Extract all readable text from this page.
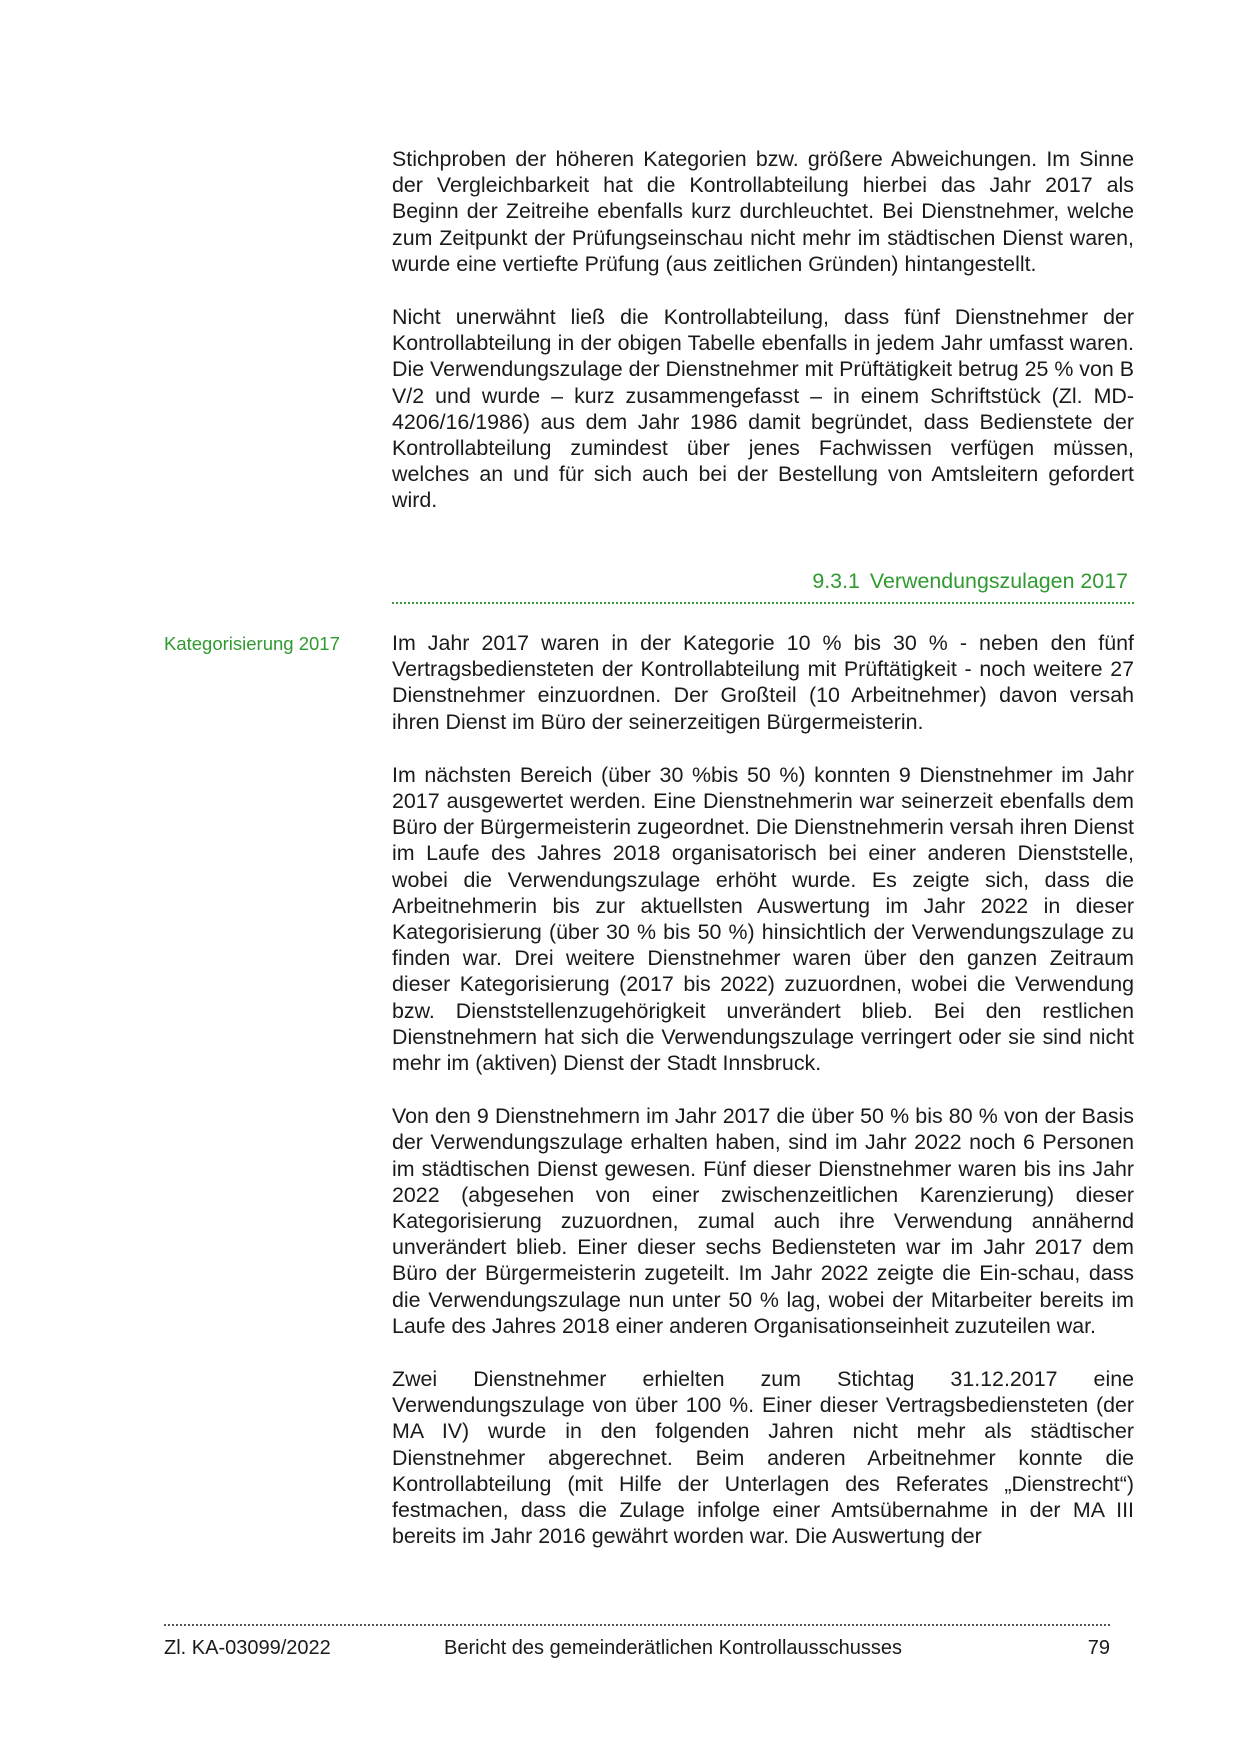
Stichproben der höheren Kategorien bzw. größere Abweichungen. Im Sinne der Vergleichbarkeit hat die Kontrollabteilung hierbei das Jahr 2017 als Beginn der Zeitreihe ebenfalls kurz durchleuchtet. Bei Dienstnehmer, welche zum Zeitpunkt der Prüfungseinschau nicht mehr im städtischen Dienst waren, wurde eine vertiefte Prüfung (aus zeitlichen Gründen) hintangestellt.

Nicht unerwähnt ließ die Kontrollabteilung, dass fünf Dienstnehmer der Kontrollabteilung in der obigen Tabelle ebenfalls in jedem Jahr umfasst waren. Die Verwendungszulage der Dienstnehmer mit Prüftätigkeit betrug 25 % von B V/2 und wurde – kurz zusammengefasst – in einem Schriftstück (Zl. MD-4206/16/1986) aus dem Jahr 1986 damit begründet, dass Bedienstete der Kontrollabteilung zumindest über jenes Fachwissen verfügen müssen, welches an und für sich auch bei der Bestellung von Amtsleitern gefordert wird.

9.3.1 Verwendungszulagen 2017
Kategorisierung 2017	Im Jahr 2017 waren in der Kategorie 10 % bis 30 % - neben den fünf Vertragsbediensteten der Kontrollabteilung mit Prüftätigkeit - noch weitere 27 Dienstnehmer einzuordnen. Der Großteil (10 Arbeitnehmer) davon versah ihren Dienst im Büro der seinerzeitigen Bürgermeisterin.

Im nächsten Bereich (über 30 %bis 50 %) konnten 9 Dienstnehmer im Jahr 2017 ausgewertet werden. Eine Dienstnehmerin war seinerzeit ebenfalls dem Büro der Bürgermeisterin zugeordnet. Die Dienstnehmerin versah ihren Dienst im Laufe des Jahres 2018 organisatorisch bei einer anderen Dienststelle, wobei die Verwendungszulage erhöht wurde. Es zeigte sich, dass die Arbeitnehmerin bis zur aktuellsten Auswertung im Jahr 2022 in dieser Kategorisierung (über 30 % bis 50 %) hinsichtlich der Verwendungszulage zu finden war. Drei weitere Dienstnehmer waren über den ganzen Zeitraum dieser Kategorisierung (2017 bis 2022) zuzuordnen, wobei die Verwendung bzw. Dienststellenzugehörigkeit unverändert blieb. Bei den restlichen Dienstnehmern hat sich die Verwendungszulage verringert oder sie sind nicht mehr im (aktiven) Dienst der Stadt Innsbruck.

Von den 9 Dienstnehmern im Jahr 2017 die über 50 % bis 80 % von der Basis der Verwendungszulage erhalten haben, sind im Jahr 2022 noch 6 Personen im städtischen Dienst gewesen. Fünf dieser Dienstnehmer waren bis ins Jahr 2022 (abgesehen von einer zwischenzeitlichen Karenzierung) dieser Kategorisierung zuzuordnen, zumal auch ihre Verwendung annähernd unverändert blieb. Einer dieser sechs Bediensteten war im Jahr 2017 dem Büro der Bürgermeisterin zugeteilt. Im Jahr 2022 zeigte die Ein-schau, dass die Verwendungszulage nun unter 50 % lag, wobei der Mitarbeiter bereits im Laufe des Jahres 2018 einer anderen Organisationseinheit zuzuteilen war.

Zwei Dienstnehmer erhielten zum Stichtag 31.12.2017 eine Verwendungszulage von über 100 %. Einer dieser Vertragsbediensteten (der MA IV) wurde in den folgenden Jahren nicht mehr als städtischer Dienstnehmer abgerechnet. Beim anderen Arbeitnehmer konnte die Kontrollabteilung (mit Hilfe der Unterlagen des Referates „Dienstrecht“) festmachen, dass die Zulage infolge einer Amtsübernahme in der MA III bereits im Jahr 2016 gewährt worden war. Die Auswertung der

Zl. KA-03099/2022	Bericht des gemeinderätlichen Kontrollausschusses	79
